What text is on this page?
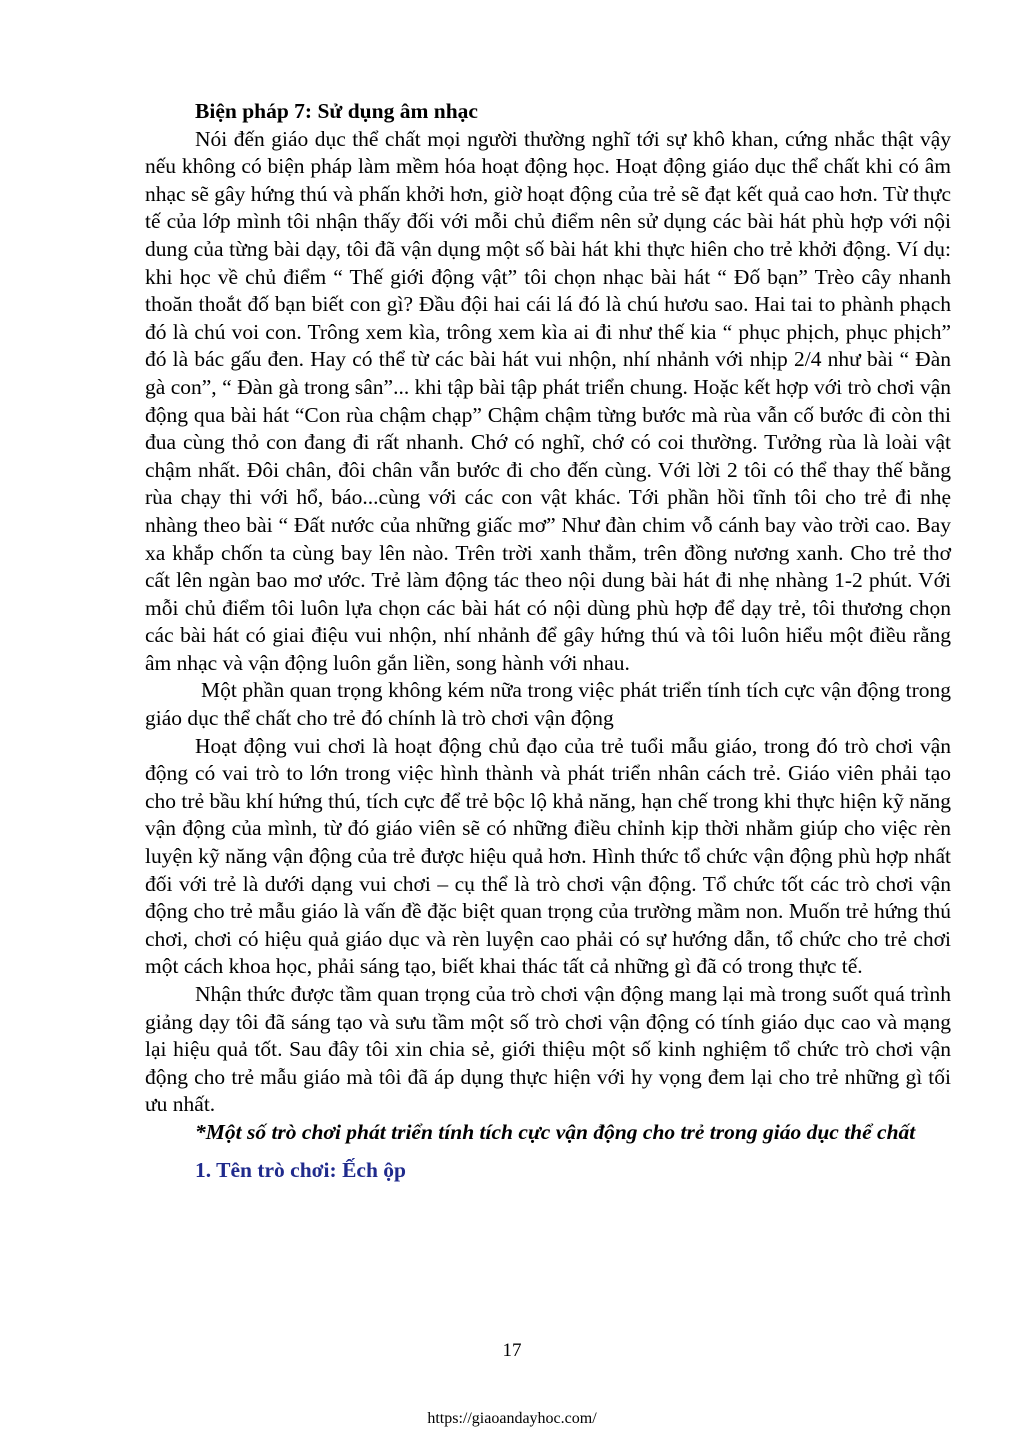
Biện pháp 7: Sử dụng âm nhạc

Nói đến giáo dục thể chất mọi người thường nghĩ tới sự khô khan, cứng nhắc thật vậy nếu không có biện pháp làm mềm hóa hoạt động học. Hoạt động giáo dục thể chất khi có âm nhạc sẽ gây hứng thú và phấn khởi hơn, giờ hoạt động của trẻ sẽ đạt kết quả cao hơn. Từ thực tế của lớp mình tôi nhận thấy đối với mỗi chủ điểm nên sử dụng các bài hát phù hợp với nội dung của từng bài dạy, tôi đã vận dụng một số bài hát khi thực hiên cho trẻ khởi động. Ví dụ: khi học về chủ điểm “ Thế giới động vật” tôi chọn nhạc bài hát “ Đố bạn” Trèo cây nhanh thoăn thoắt đố bạn biết con gì? Đầu đội hai cái lá đó là chú hươu sao. Hai tai to phành phạch đó là chú voi con. Trông xem kìa, trông xem kìa ai đi như thế kia “ phục phịch, phục phịch” đó là bác gấu đen. Hay có thể từ các bài hát vui nhộn, nhí nhảnh với nhịp 2/4 như bài “ Đàn gà con”, “ Đàn gà trong sân”... khi tập bài tập phát triển chung. Hoặc kết hợp với trò chơi vận động qua bài hát “Con rùa chậm chạp” Chậm chậm từng bước mà rùa vẫn cố bước đi còn thi đua cùng thỏ con đang đi rất nhanh. Chớ có nghĩ, chớ có coi thường. Tưởng rùa là loài vật chậm nhất. Đôi chân, đôi chân vẫn bước đi cho đến cùng. Với lời 2 tôi có thể thay thế bằng rùa chạy thi với hổ, báo...cùng với các con vật khác. Tới phần hồi tĩnh tôi cho trẻ đi nhẹ nhàng theo bài “ Đất nước của những giấc mơ” Như đàn chim vỗ cánh bay vào trời cao. Bay xa khắp chốn ta cùng bay lên nào. Trên trời xanh thẳm, trên đồng nương xanh. Cho trẻ thơ cất lên ngàn bao mơ ước. Trẻ làm động tác theo nội dung bài hát đi nhẹ nhàng 1-2 phút. Với mỗi chủ điểm tôi luôn lựa chọn các bài hát có nội dùng phù hợp để dạy trẻ, tôi thương chọn các bài hát có giai điệu vui nhộn, nhí nhảnh để gây hứng thú và tôi luôn hiểu một điều rằng âm nhạc và vận động luôn gắn liền, song hành với nhau.

Một phần quan trọng không kém nữa trong việc phát triển tính tích cực vận động trong giáo dục thể chất cho trẻ đó chính là trò chơi vận động

Hoạt động vui chơi là hoạt động chủ đạo của trẻ tuổi mẫu giáo, trong đó trò chơi vận động có vai trò to lớn trong việc hình thành và phát triển nhân cách trẻ. Giáo viên phải tạo cho trẻ bầu khí hứng thú, tích cực để trẻ bộc lộ khả năng, hạn chế trong khi thực hiện kỹ năng vận động của mình, từ đó giáo viên sẽ có những điều chỉnh kịp thời nhằm giúp cho việc rèn luyện kỹ năng vận động của trẻ được hiệu quả hơn. Hình thức tổ chức vận động phù hợp nhất đối với trẻ là dưới dạng vui chơi – cụ thể là trò chơi vận động. Tổ chức tốt các trò chơi vận động cho trẻ mẫu giáo là vấn đề đặc biệt quan trọng của trường mầm non. Muốn trẻ hứng thú chơi, chơi có hiệu quả giáo dục và rèn luyện cao phải có sự hướng dẫn, tổ chức cho trẻ chơi một cách khoa học, phải sáng tạo, biết khai thác tất cả những gì đã có trong thực tế.

Nhận thức được tầm quan trọng của trò chơi vận động mang lại mà trong suốt quá trình giảng dạy tôi đã sáng tạo và sưu tầm một số trò chơi vận động có tính giáo dục cao và mạng lại hiệu quả tốt. Sau đây tôi xin chia sẻ, giới thiệu một số kinh nghiệm tổ chức trò chơi vận động cho trẻ mẫu giáo mà tôi đã áp dụng thực hiện với hy vọng đem lại cho trẻ những gì tối ưu nhất.

*Một số trò chơi phát triển tính tích cực vận động cho trẻ trong giáo dục thể chất

1. Tên trò chơi: Ếch ộp

17
https://giaoandayhoc.com/
